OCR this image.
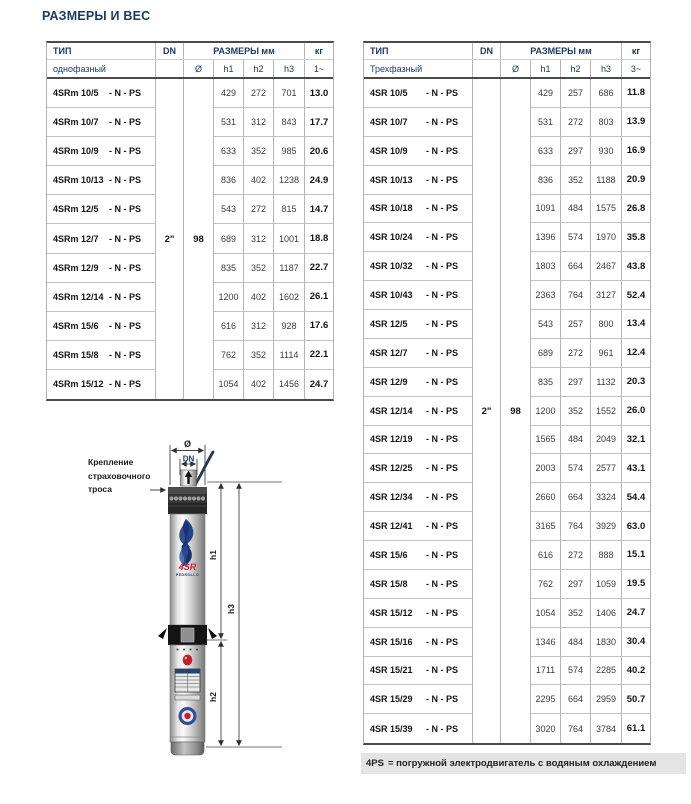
РАЗМЕРЫ И ВЕС
ТИП	DN	РАЗМЕРЫ мм	кг
однофазный	Ø	h1	h2	h3	1~
4SRm 10/5	- N - PS	429	272	701	13.0
4SRm 10/7	- N - PS	531	312	843	17.7
4SRm 10/9	- N - PS	633	352	985	20.6
4SRm 10/13 - N - PS	836	402	1238	24.9
4SRm 12/5	- N - PS	543	272	815	14.7
4SRm 12/7	- N - PS	2"	98	689	312	1001	18.8
4SRm 12/9	- N - PS	835	352	1187	22.7
4SRm 12/14 - N - PS	1200	402	1602	26.1
4SRm 15/6	- N - PS	616	312	928	17.6
4SRm 15/8	- N - PS	762	352	1114	22.1
4SRm 15/12 - N - PS	1054	402	1456	24.7
ТИП	DN	РАЗМЕРЫ мм	кг
Трехфазный	Ø	h1	h2	h3	3~
4SR 10/5	- N - PS	429	257	686	11.8
4SR 10/7	- N - PS	531	272	803	13.9
4SR 10/9	- N - PS	633	297	930	16.9
4SR 10/13	- N - PS	836	352	1188	20.9
4SR 10/18	- N - PS	1091	484	1575	26.8
4SR 10/24	- N - PS	1396	574	1970	35.8
4SR 10/32	- N - PS	1803	664	2467	43.8
4SR 10/43	- N - PS	2363	764	3127	52.4
4SR 12/5	- N - PS	543	257	800	13.4
4SR 12/7	- N - PS	689	272	961	12.4
4SR 12/9	- N - PS	835	297	1132	20.3
4SR 12/14	- N - PS	2"	98	1200	352	1552	26.0
4SR 12/19	- N - PS	1565	484	2049	32.1
4SR 12/25	- N - PS	2003	574	2577	43.1
4SR 12/34	- N - PS	2660	664	3324	54.4
4SR 12/41	- N - PS	3165	764	3929	63.0
4SR 15/6	- N - PS	616	272	888	15.1
4SR 15/8	- N - PS	762	297	1059	19.5
4SR 15/12	- N - PS	1054	352	1406	24.7
4SR 15/16	- N - PS	1346	484	1830	30.4
4SR 15/21	- N - PS	1711	574	2285	40.2
4SR 15/29	- N - PS	2295	664	2959	50.7
4SR 15/39	- N - PS	3020	764	3784	61.1
4PS = погружной электродвигатель с водяным охлаждением
Крепление страховочного троса
Ø
DN
4SR
PEDROLLO
h1
h2
h3
